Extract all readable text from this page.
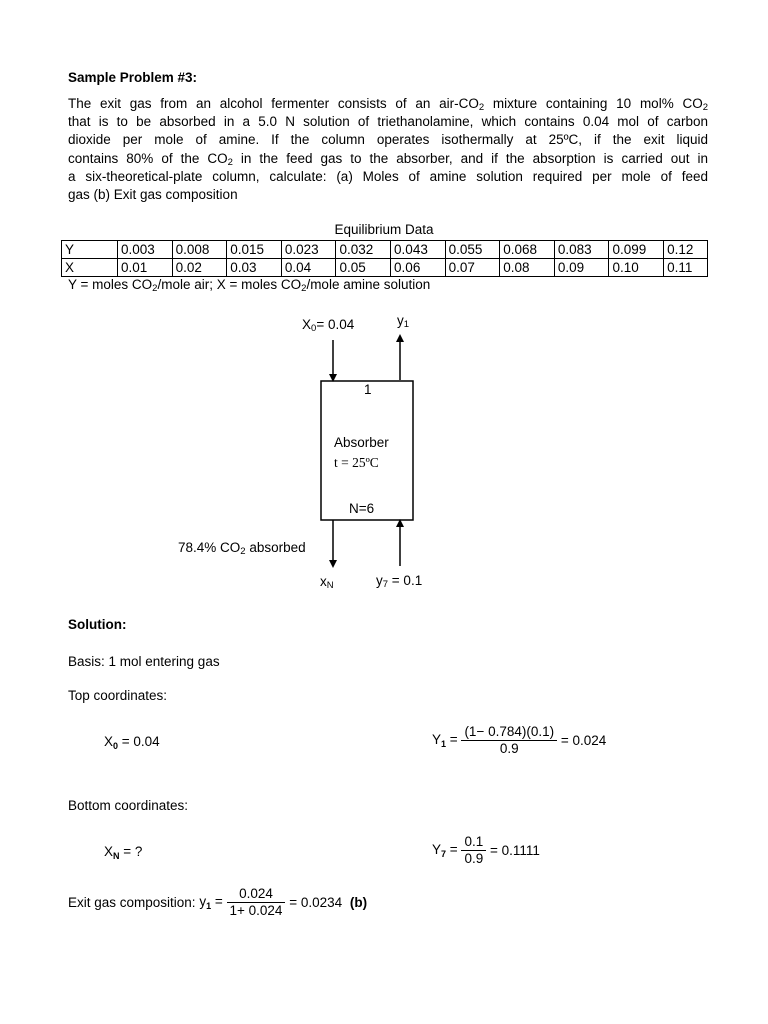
Sample Problem #3:
The exit gas from an alcohol fermenter consists of an air-$CO_2$ mixture containing 10 mol% $CO_2$
that is to be absorbed in a 5.0 N solution of triethanolamine, which contains 0.04 mol of carbon
dioxide per mole of amine. If the column operates isothermally at 25ºC, if the exit liquid
contains 80% of the $CO_2$ in the feed gas to the absorber, and if the absorption is carried out in
a six-theoretical-plate column, calculate: (a) Moles of amine solution required per mole of feed
gas (b) Exit gas composition
Equilibrium Data
Y	0.003	0.008	0.015	0.023	0.032	0.043	0.055	0.068	0.083	0.099	0.12
X	0.01	0.02	0.03	0.04	0.05	0.06	0.07	0.08	0.09	0.10	0.11
Y = moles $CO_2$/mole air; X = moles $CO_2$/mole amine solution
$X_0= 0.04$	$y_1$
1
Absorber
t = 25ºC
N=6
78.4% $CO_2$ absorbed
$x_N$	$y_7 = 0.1$
Solution:
Basis: 1 mol entering gas
Top coordinates:
$X_0 = 0.04$	$Y_1 = \frac{(1- 0.784)(0.1)}{0.9} = 0.024$
Bottom coordinates:
$X_N$ = ?	$Y_7 = \frac{0.1}{0.9} = 0.1111$
Exit gas composition: $y_1 = \frac{0.024}{1+ 0.024} = 0.0234$ (b)
